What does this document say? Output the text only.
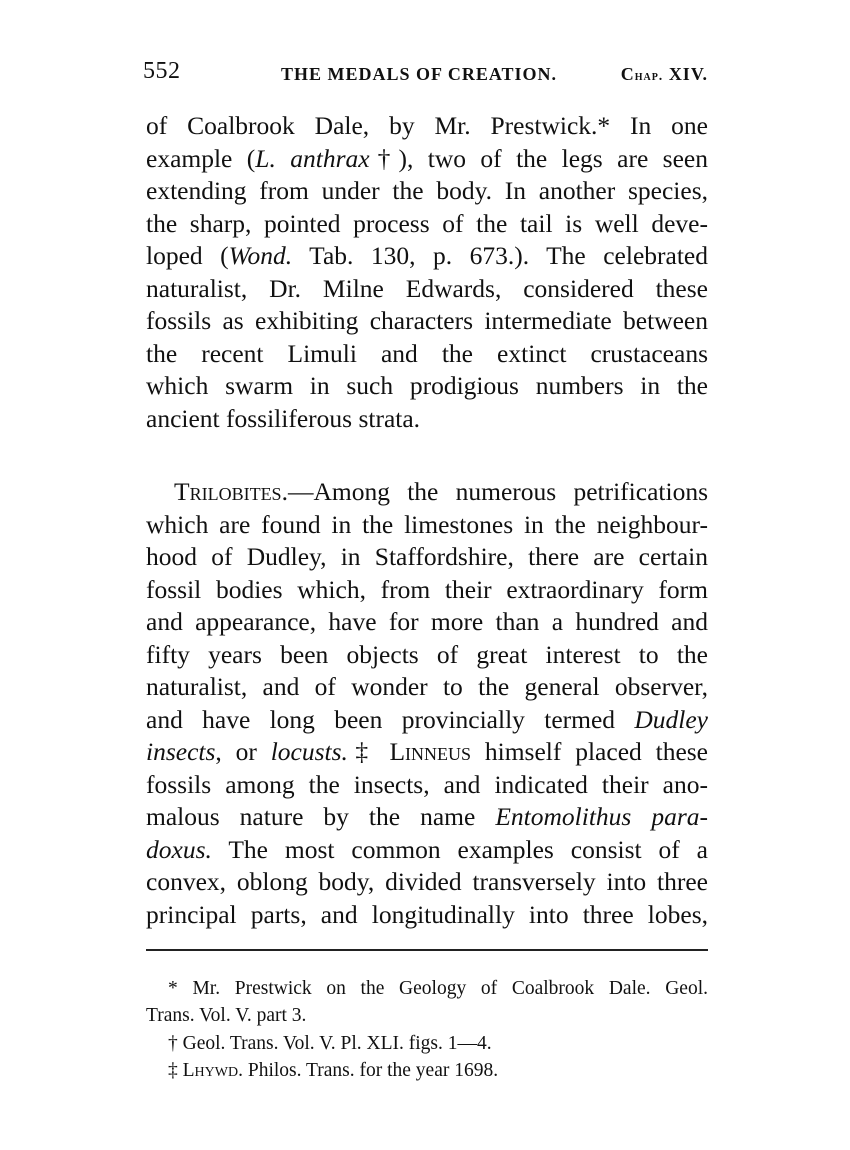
552	THE MEDALS OF CREATION.	Chap. XIV.
of Coalbrook Dale, by Mr. Prestwick.* In one
example (L. anthrax†), two of the legs are seen
extending from under the body. In another species,
the sharp, pointed process of the tail is well deve-
loped (Wond. Tab. 130, p. 673.). The celebrated
naturalist, Dr. Milne Edwards, considered these
fossils as exhibiting characters intermediate between
the recent Limuli and the extinct crustaceans
which swarm in such prodigious numbers in the
ancient fossiliferous strata.
Trilobites.—Among the numerous petrifications
which are found in the limestones in the neighbour-
hood of Dudley, in Staffordshire, there are certain
fossil bodies which, from their extraordinary form
and appearance, have for more than a hundred and
fifty years been objects of great interest to the
naturalist, and of wonder to the general observer,
and have long been provincially termed Dudley
insects, or locusts.‡ Linneus himself placed these
fossils among the insects, and indicated their ano-
malous nature by the name Entomolithus para-
doxus. The most common examples consist of a
convex, oblong body, divided transversely into three
principal parts, and longitudinally into three lobes,
* Mr. Prestwick on the Geology of Coalbrook Dale. Geol.
Trans. Vol. V. part 3.
† Geol. Trans. Vol. V. Pl. XLI. figs. 1—4.
‡ Lhywd. Philos. Trans. for the year 1698.
